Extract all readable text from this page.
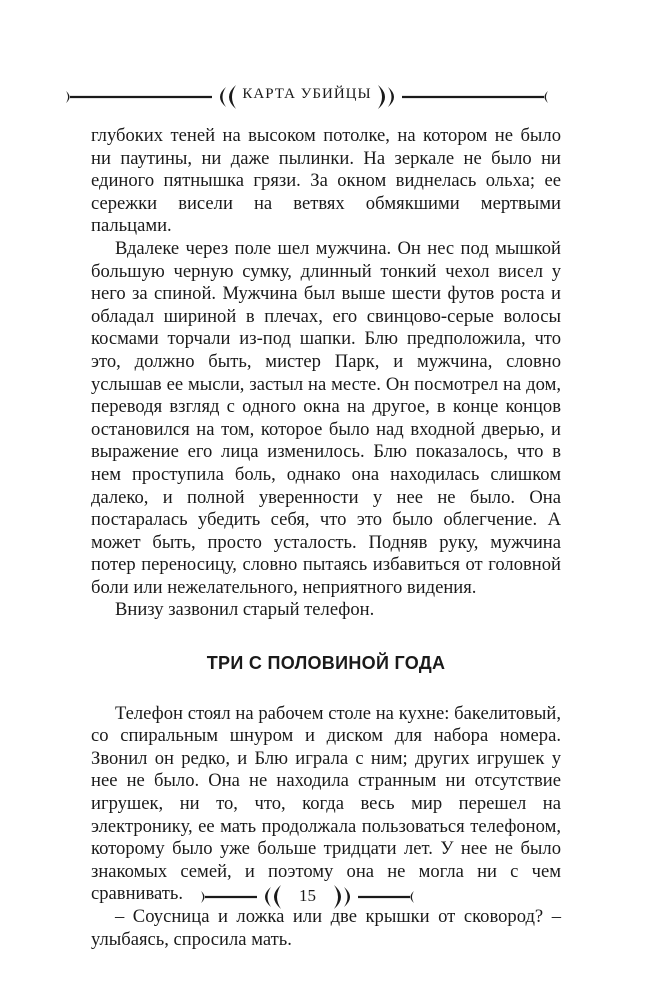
КАРТА УБИЙЦЫ

глубоких теней на высоком потолке, на котором не было ни паутины, ни даже пылинки. На зеркале не было ни единого пятнышка грязи. За окном виднелась ольха; ее сережки висели на ветвях обмякшими мертвыми пальцами.

Вдалеке через поле шел мужчина. Он нес под мышкой большую черную сумку, длинный тонкий чехол висел у него за спиной. Мужчина был выше шести футов роста и обладал шириной в плечах, его свинцово-серые волосы космами торчали из-под шапки. Блю предположила, что это, должно быть, мистер Парк, и мужчина, словно услышав ее мысли, застыл на месте. Он посмотрел на дом, переводя взгляд с одного окна на другое, в конце концов остановился на том, которое было над входной дверью, и выражение его лица изменилось. Блю показалось, что в нем проступила боль, однако она находилась слишком далеко, и полной уверенности у нее не было. Она постаралась убедить себя, что это было облегчение. А может быть, просто усталость. Подняв руку, мужчина потер переносицу, словно пытаясь избавиться от головной боли или нежелательного, неприятного видения.

Внизу зазвонил старый телефон.

ТРИ С ПОЛОВИНОЙ ГОДА

Телефон стоял на рабочем столе на кухне: бакелитовый, со спиральным шнуром и диском для набора номера. Звонил он редко, и Блю играла с ним; других игрушек у нее не было. Она не находила странным ни отсутствие игрушек, ни то, что, когда весь мир перешел на электронику, ее мать продолжала пользоваться телефоном, которому было уже больше тридцати лет. У нее не было знакомых семей, и поэтому она не могла ни с чем сравнивать.

– Соусница и ложка или две крышки от сковород? – улыбаясь, спросила мать.

15
